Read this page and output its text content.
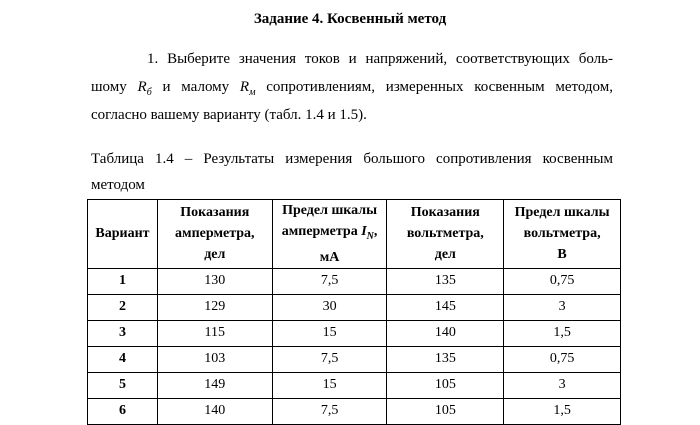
Задание 4. Косвенный метод
1. Выберите значения токов и напряжений, соответствующих боль-
шому $R_б$ и малому $R_м$ сопротивлениям, измеренных косвенным методом,
согласно вашему варианту (табл. 1.4 и 1.5).
Таблица 1.4 – Результаты измерения большого сопротивления косвенным
методом
Вариант	Показания
амперметра,
дел	Предел шкалы
амперметра $I_N$,
мА	Показания
вольтметра,
дел	Предел шкалы
вольтметра,
В
1	130	7,5	135	0,75
2	129	30	145	3
3	115	15	140	1,5
4	103	7,5	135	0,75
5	149	15	105	3
6	140	7,5	105	1,5
